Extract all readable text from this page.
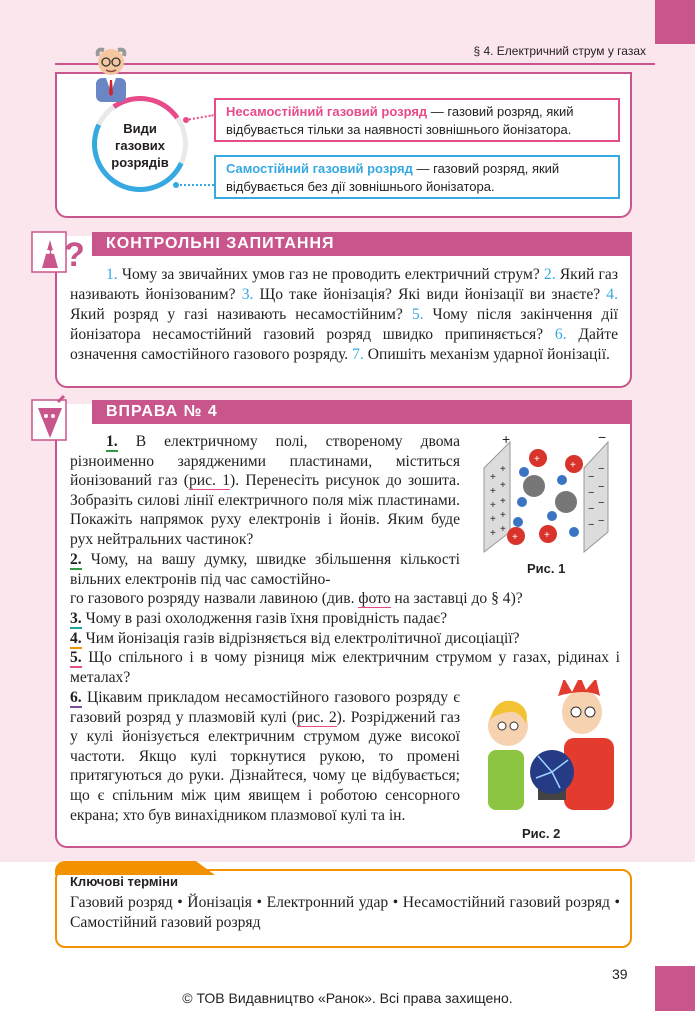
§ 4. Електричний струм у газах
Види
газових
розрядів
Несамостійний газовий розряд — газовий розряд, який відбувається тільки за наявності зовнішнього йонізатора.
Самостійний газовий розряд — газовий розряд, який відбувається без дії зовнішнього йонізатора.
КОНТРОЛЬНІ ЗАПИТАННЯ
?
1. Чому за звичайних умов газ не проводить електричний струм? 2. Який газ називають йонізованим? 3. Що таке йонізація? Які види йонізації ви знаєте? 4. Який розряд у газі називають несамостійним? 5. Чому після закінчення дії йонізатора несамостійний газовий розряд швидко припиняється? 6. Дайте означення самостійного газового розряду. 7. Опишіть механізм ударної йонізації.
ВПРАВА № 4
+	−
+
+
+
+
+ +
+ +
+ +
−
−
− −
− −
− −
+
+
+	+
Рис. 1
Рис. 2
1. В електричному полі, створеному двома різноименно зарядженими пластинами, міститься йонізований газ (рис. 1). Перенесіть рисунок до зошита. Зобразіть силові лінії електричного поля між пластинами. Покажіть напрямок руху електронів і йонів. Яким буде рух нейтральних частинок?
2. Чому, на вашу думку, швидке збільшення кількості вільних електронів під час самостійно-
го газового розряду назвали лавиною (див. фото на заставці до § 4)?
3. Чому в разі охолодження газів їхня провідність падає?
4. Чим йонізація газів відрізняється від електролітичної дисоціації?
5. Що спільного і в чому різниця між електричним струмом у газах, рідинах і металах?
6. Цікавим прикладом несамостійного газового розряду є газовий розряд у плазмовій кулі (рис. 2). Розріджений газ у кулі йонізується електричним струмом дуже високої частоти. Якщо кулі торкнутися рукою, то промені притягуються до руки. Дізнайтеся, чому це відбувається; що є спільним між цим явищем і роботою сенсорного екрана; хто був винахідником плазмової кулі та ін.
Ключові терміни
Газовий розряд • Йонізація • Електронний удар • Несамостійний газовий розряд • Самостійний газовий розряд
39
© ТОВ Видавництво «Ранок». Всі права захищено.
